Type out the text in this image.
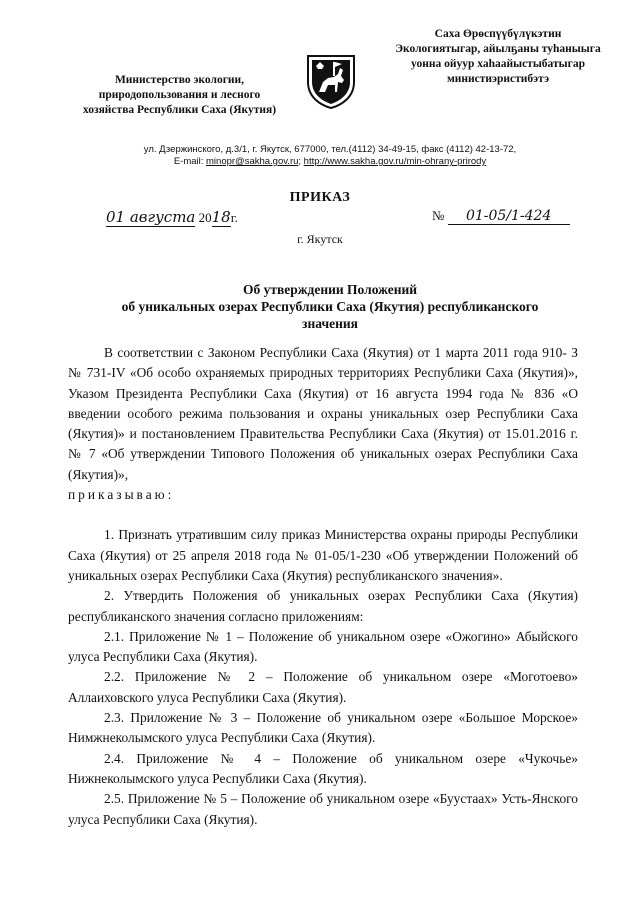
Министерство экологии,
природопользования и лесного
хозяйства Республики Саха (Якутия)
Саха Өрөспүүбүлүкэтин
Экологиятыгар, айылҕаны туһаныыга
уонна ойуур хаһаайыстыбатыгар
министиэристибэтэ
ул. Дзержинского, д.3/1, г. Якутск, 677000, тел.(4112) 34-49-15, факс (4112) 42-13-72,
E-mail: minopr@sakha.gov.ru; http://www.sakha.gov.ru/min-ohrany-prirody
ПРИКАЗ
01 августа 2018г.	№ 01-05/1-424
г. Якутск
Об утверждении Положений
об уникальных озерах Республики Саха (Якутия) республиканского
значения

В соответствии с Законом Республики Саха (Якутия) от 1 марта 2011 года 910- З № 731-IV «Об особо охраняемых природных территориях Республики Саха (Якутия)», Указом Президента Республики Саха (Якутия) от 16 августа 1994 года № 836 «О введении особого режима пользования и охраны уникальных озер Республики Саха (Якутия)» и постановлением Правительства Республики Саха (Якутия) от 15.01.2016 г. № 7 «Об утверждении Типового Положения об уникальных озерах Республики Саха (Якутия)»,

приказываю:

1. Признать утратившим силу приказ Министерства охраны природы Республики Саха (Якутия) от 25 апреля 2018 года № 01-05/1-230 «Об утверждении Положений об уникальных озерах Республики Саха (Якутия) республиканского значения».

2. Утвердить Положения об уникальных озерах Республики Саха (Якутия) республиканского значения согласно приложениям:

2.1. Приложение № 1 – Положение об уникальном озере «Ожогино» Абыйского улуса Республики Саха (Якутия).

2.2. Приложение № 2 – Положение об уникальном озере «Моготоево» Аллаиховского улуса Республики Саха (Якутия).

2.3. Приложение № 3 – Положение об уникальном озере «Большое Морское» Нимжнеколымского улуса Республики Саха (Якутия).

2.4. Приложение № 4 – Положение об уникальном озере «Чукочье» Нижнеколымского улуса Республики Саха (Якутия).

2.5. Приложение № 5 – Положение об уникальном озере «Буустаах» Усть-Янского улуса Республики Саха (Якутия).
